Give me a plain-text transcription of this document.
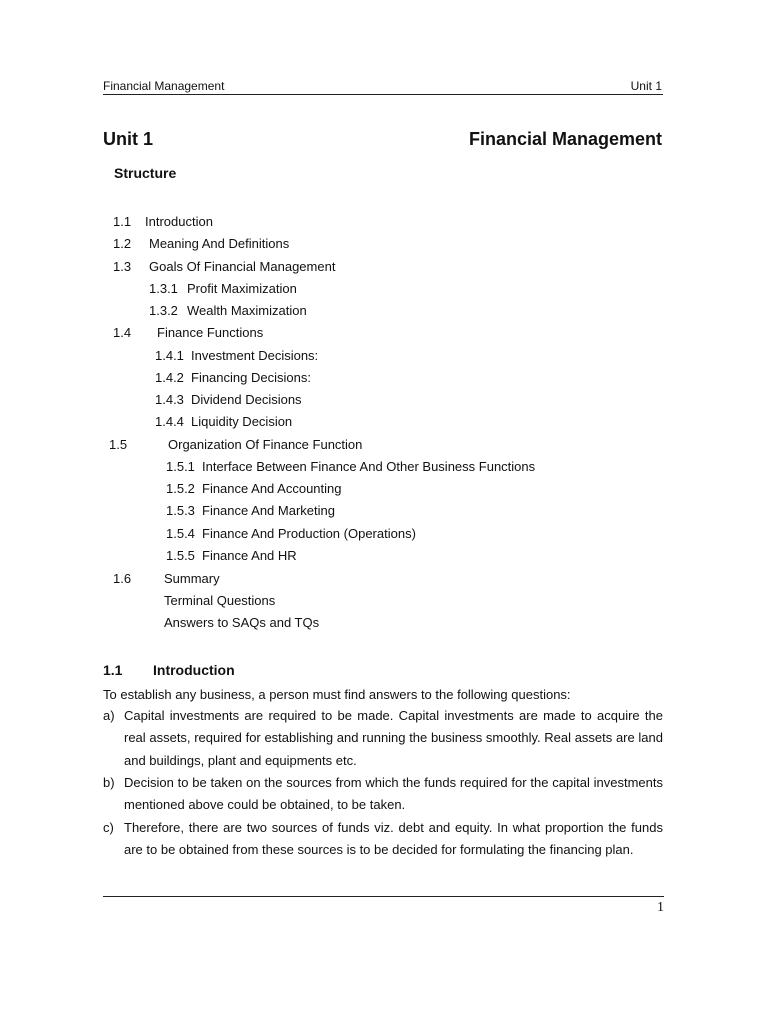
Financial Management	Unit 1
Unit 1	Financial Management
Structure
1.1 Introduction
1.2 Meaning And Definitions
1.3 Goals Of Financial Management
1.3.1 Profit Maximization
1.3.2 Wealth Maximization
1.4 Finance Functions
1.4.1 Investment Decisions:
1.4.2 Financing Decisions:
1.4.3 Dividend Decisions
1.4.4 Liquidity Decision
1.5	Organization Of Finance Function
1.5.1 Interface Between Finance And Other Business Functions
1.5.2 Finance And Accounting
1.5.3 Finance And Marketing
1.5.4 Finance And Production (Operations)
1.5.5 Finance And HR
1.6	Summary
Terminal Questions
Answers to SAQs and TQs
1.1 Introduction
To establish any business, a person must find answers to the following questions:
a) Capital investments are required to be made. Capital investments are made to acquire the real assets, required for establishing and running the business smoothly. Real assets are land and buildings, plant and equipments etc.
b) Decision to be taken on the sources from which the funds required for the capital investments mentioned above could be obtained, to be taken.
c) Therefore, there are two sources of funds viz. debt and equity. In what proportion the funds are to be obtained from these sources is to be decided for formulating the financing plan.
1
